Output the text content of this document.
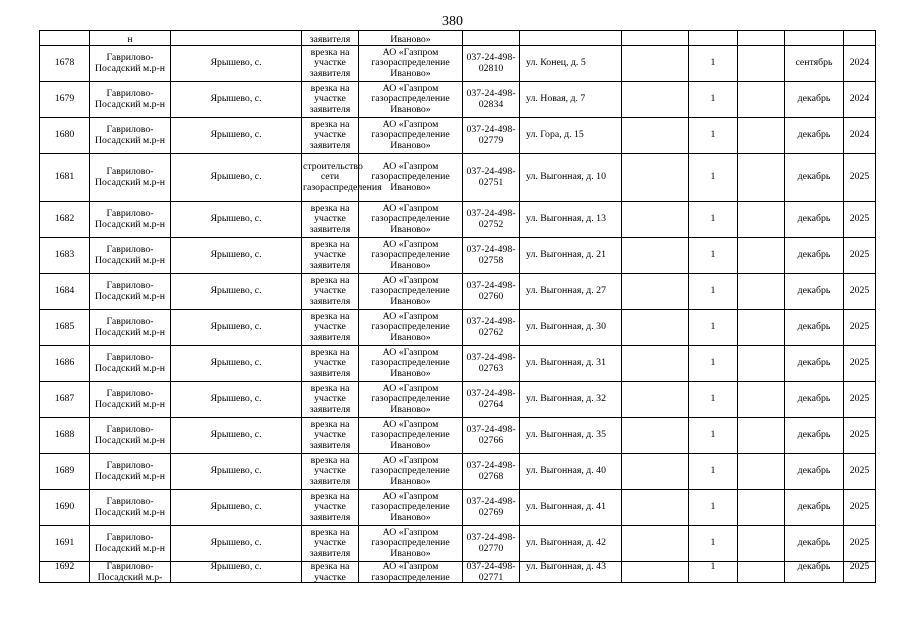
380

	н		заявителя	Иваново»							

1678	Гаврилово-Посадский м.р-н	Ярышево, с.	врезка на участке заявителя	АО «Газпром газораспределение Иваново»	037-24-498-02810	ул. Конец, д. 5		1		сентябрь	2024

1679	Гаврилово-Посадский м.р-н	Ярышево, с.	врезка на участке заявителя	АО «Газпром газораспределение Иваново»	037-24-498-02834	ул. Новая, д. 7		1		декабрь	2024

1680	Гаврилово-Посадский м.р-н	Ярышево, с.	врезка на участке заявителя	АО «Газпром газораспределение Иваново»	037-24-498-02779	ул. Гора, д. 15		1		декабрь	2024

1681	Гаврилово-Посадский м.р-н	Ярышево, с.	строительство сети газораспределения	АО «Газпром газораспределение Иваново»	037-24-498-02751	ул. Выгонная, д. 10		1		декабрь	2025

1682	Гаврилово-Посадский м.р-н	Ярышево, с.	врезка на участке заявителя	АО «Газпром газораспределение Иваново»	037-24-498-02752	ул. Выгонная, д. 13		1		декабрь	2025

1683	Гаврилово-Посадский м.р-н	Ярышево, с.	врезка на участке заявителя	АО «Газпром газораспределение Иваново»	037-24-498-02758	ул. Выгонная, д. 21		1		декабрь	2025

1684	Гаврилово-Посадский м.р-н	Ярышево, с.	врезка на участке заявителя	АО «Газпром газораспределение Иваново»	037-24-498-02760	ул. Выгонная, д. 27		1		декабрь	2025

1685	Гаврилово-Посадский м.р-н	Ярышево, с.	врезка на участке заявителя	АО «Газпром газораспределение Иваново»	037-24-498-02762	ул. Выгонная, д. 30		1		декабрь	2025

1686	Гаврилово-Посадский м.р-н	Ярышево, с.	врезка на участке заявителя	АО «Газпром газораспределение Иваново»	037-24-498-02763	ул. Выгонная, д. 31		1		декабрь	2025

1687	Гаврилово-Посадский м.р-н	Ярышево, с.	врезка на участке заявителя	АО «Газпром газораспределение Иваново»	037-24-498-02764	ул. Выгонная, д. 32		1		декабрь	2025

1688	Гаврилово-Посадский м.р-н	Ярышево, с.	врезка на участке заявителя	АО «Газпром газораспределение Иваново»	037-24-498-02766	ул. Выгонная, д. 35		1		декабрь	2025

1689	Гаврилово-Посадский м.р-н	Ярышево, с.	врезка на участке заявителя	АО «Газпром газораспределение Иваново»	037-24-498-02768	ул. Выгонная, д. 40		1		декабрь	2025

1690	Гаврилово-Посадский м.р-н	Ярышево, с.	врезка на участке заявителя	АО «Газпром газораспределение Иваново»	037-24-498-02769	ул. Выгонная, д. 41		1		декабрь	2025

1691	Гаврилово-Посадский м.р-н	Ярышево, с.	врезка на участке заявителя	АО «Газпром газораспределение Иваново»	037-24-498-02770	ул. Выгонная, д. 42		1		декабрь	2025

1692	Гаврилово-Посадский м.р-	Ярышево, с.	врезка на участке	АО «Газпром газораспределение	037-24-498-02771	ул. Выгонная, д. 43		1		декабрь	2025
